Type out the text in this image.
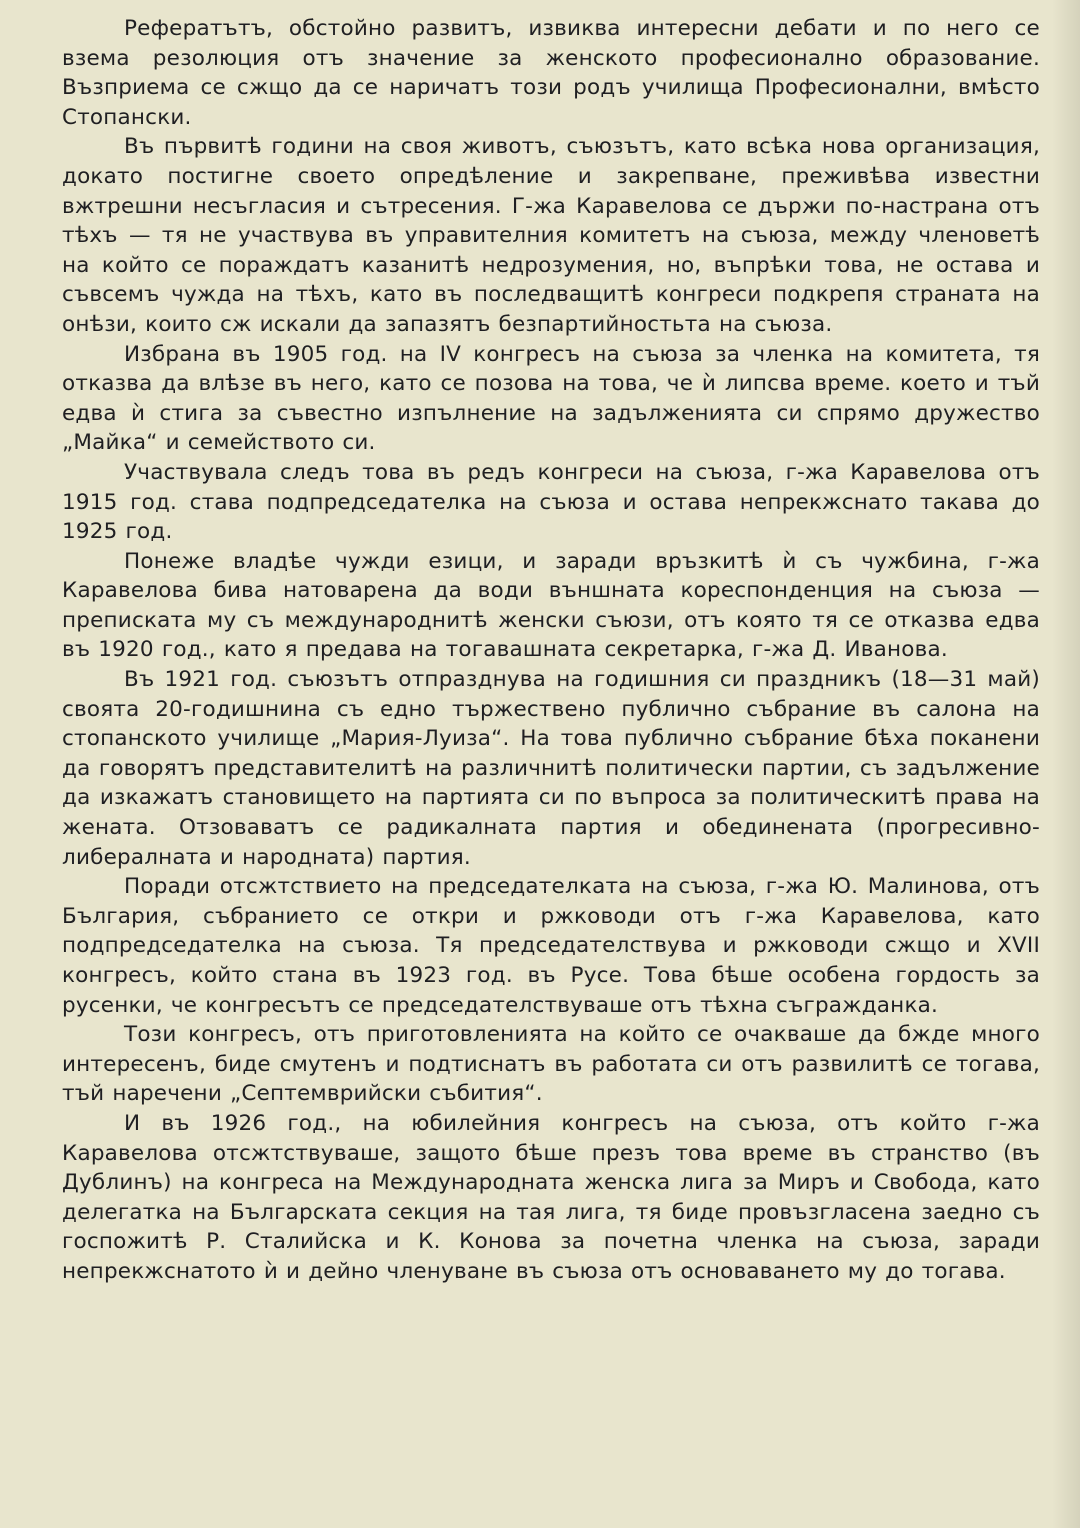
Рефератътъ, обстойно развитъ, извиква интересни дебати и по него се взема резолюция отъ значение за женското професионално образование. Възприема се сжщо да се наричатъ този родъ училища Професионални, вмѣсто Стопански.

Въ първитѣ години на своя животъ, съюзътъ, като всѣка нова организация, докато постигне своето опредѣление и закрепване, преживѣва известни вжтрешни несъгласия и сътресения. Г-жа Каравелова се държи по-настрана отъ тѣхъ — тя не участвува въ управителния комитетъ на съюза, между членоветѣ на който се пораждатъ казанитѣ недрозумения, но, въпрѣки това, не остава и съвсемъ чужда на тѣхъ, като въ последващитѣ конгреси подкрепя страната на онѣзи, които сж искали да запазятъ безпартийностьта на съюза.

Избрана въ 1905 год. на IV конгресъ на съюза за членка на комитета, тя отказва да влѣзе въ него, като се позова на това, че ѝ липсва време. което и тъй едва ѝ стига за съвестно изпълнение на задълженията си спрямо дружество „Майка“ и семейството си.

Участвувала следъ това въ редъ конгреси на съюза, г-жа Каравелова отъ 1915 год. става подпредседателка на съюза и остава непрекжснато такава до 1925 год.

Понеже владѣе чужди езици, и заради връзкитѣ ѝ съ чужбина, г-жа Каравелова бива натоварена да води външната кореспонденция на съюза — преписката му съ международнитѣ женски съюзи, отъ която тя се отказва едва въ 1920 год., като я предава на тогавашната секретарка, г-жа Д. Иванова.

Въ 1921 год. съюзътъ отпразднува на годишния си праздникъ (18—31 май) своята 20-годишнина съ едно тържествено публично събрание въ салона на стопанското училище „Мария-Луиза“. На това публично събрание бѣха поканени да говорятъ представителитѣ на различнитѣ политически партии, съ задължение да изкажатъ становището на партията си по въпроса за политическитѣ права на жената. Отзоваватъ се радикалната партия и обединената (прогресивно-либералната и народната) партия.

Поради отсжтствието на председателката на съюза, г-жа Ю. Малинова, отъ България, събранието се откри и ржководи отъ г-жа Каравелова, като подпредседателка на съюза. Тя председателствува и ржководи сжщо и XVII конгресъ, който стана въ 1923 год. въ Русе. Това бѣше особена гордость за русенки, че конгресътъ се председателствуваше отъ тѣхна съгражданка.

Този конгресъ, отъ приготовленията на който се очакваше да бжде много интересенъ, биде смутенъ и подтиснатъ въ работата си отъ развилитѣ се тогава, тъй наречени „Септемврийски събития“.

И въ 1926 год., на юбилейния конгресъ на съюза, отъ който г-жа Каравелова отсжтствуваше, защото бѣше презъ това време въ странство (въ Дублинъ) на конгреса на Международната женска лига за Миръ и Свобода, като делегатка на Българската секция на тая лига, тя биде провъзгласена заедно съ госпожитѣ Р. Сталийска и К. Конова за почетна членка на съюза, заради непрекжснатото ѝ и дейно членуване въ съюза отъ основаването му до тогава.
